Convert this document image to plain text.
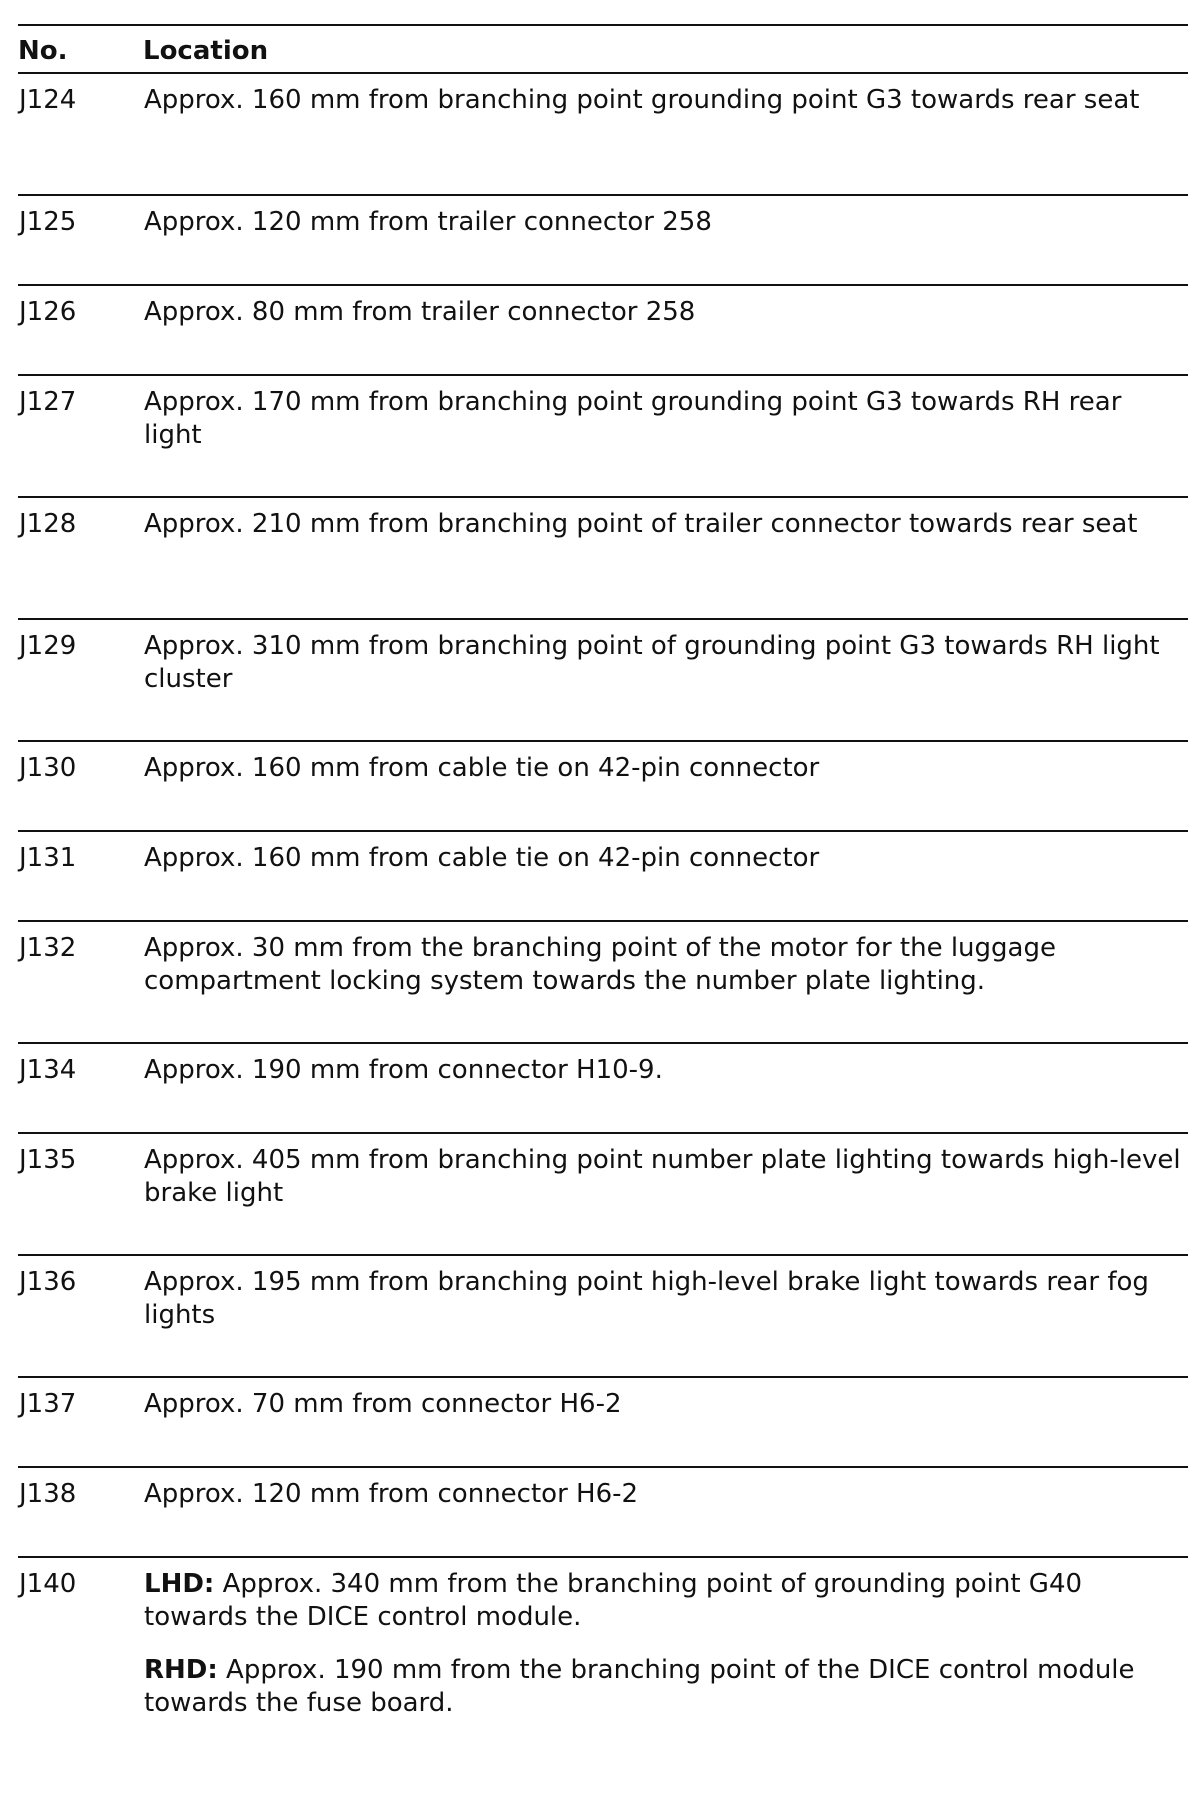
No.	Location
J124	Approx. 160 mm from branching point grounding point G3 towards rear seat
J125	Approx. 120 mm from trailer connector 258
J126	Approx. 80 mm from trailer connector 258
J127	Approx. 170 mm from branching point grounding point G3 towards RH rear light
J128	Approx. 210 mm from branching point of trailer connector towards rear seat
J129	Approx. 310 mm from branching point of grounding point G3 towards RH light cluster
J130	Approx. 160 mm from cable tie on 42-pin connector
J131	Approx. 160 mm from cable tie on 42-pin connector
J132	Approx. 30 mm from the branching point of the motor for the luggage compartment locking system towards the number plate lighting.
J134	Approx. 190 mm from connector H10-9.
J135	Approx. 405 mm from branching point number plate lighting towards high-level brake light
J136	Approx. 195 mm from branching point high-level brake light towards rear fog lights
J137	Approx. 70 mm from connector H6-2
J138	Approx. 120 mm from connector H6-2
J140	LHD: Approx. 340 mm from the branching point of grounding point G40 towards the DICE control module.

RHD: Approx. 190 mm from the branching point of the DICE control module towards the fuse board.
